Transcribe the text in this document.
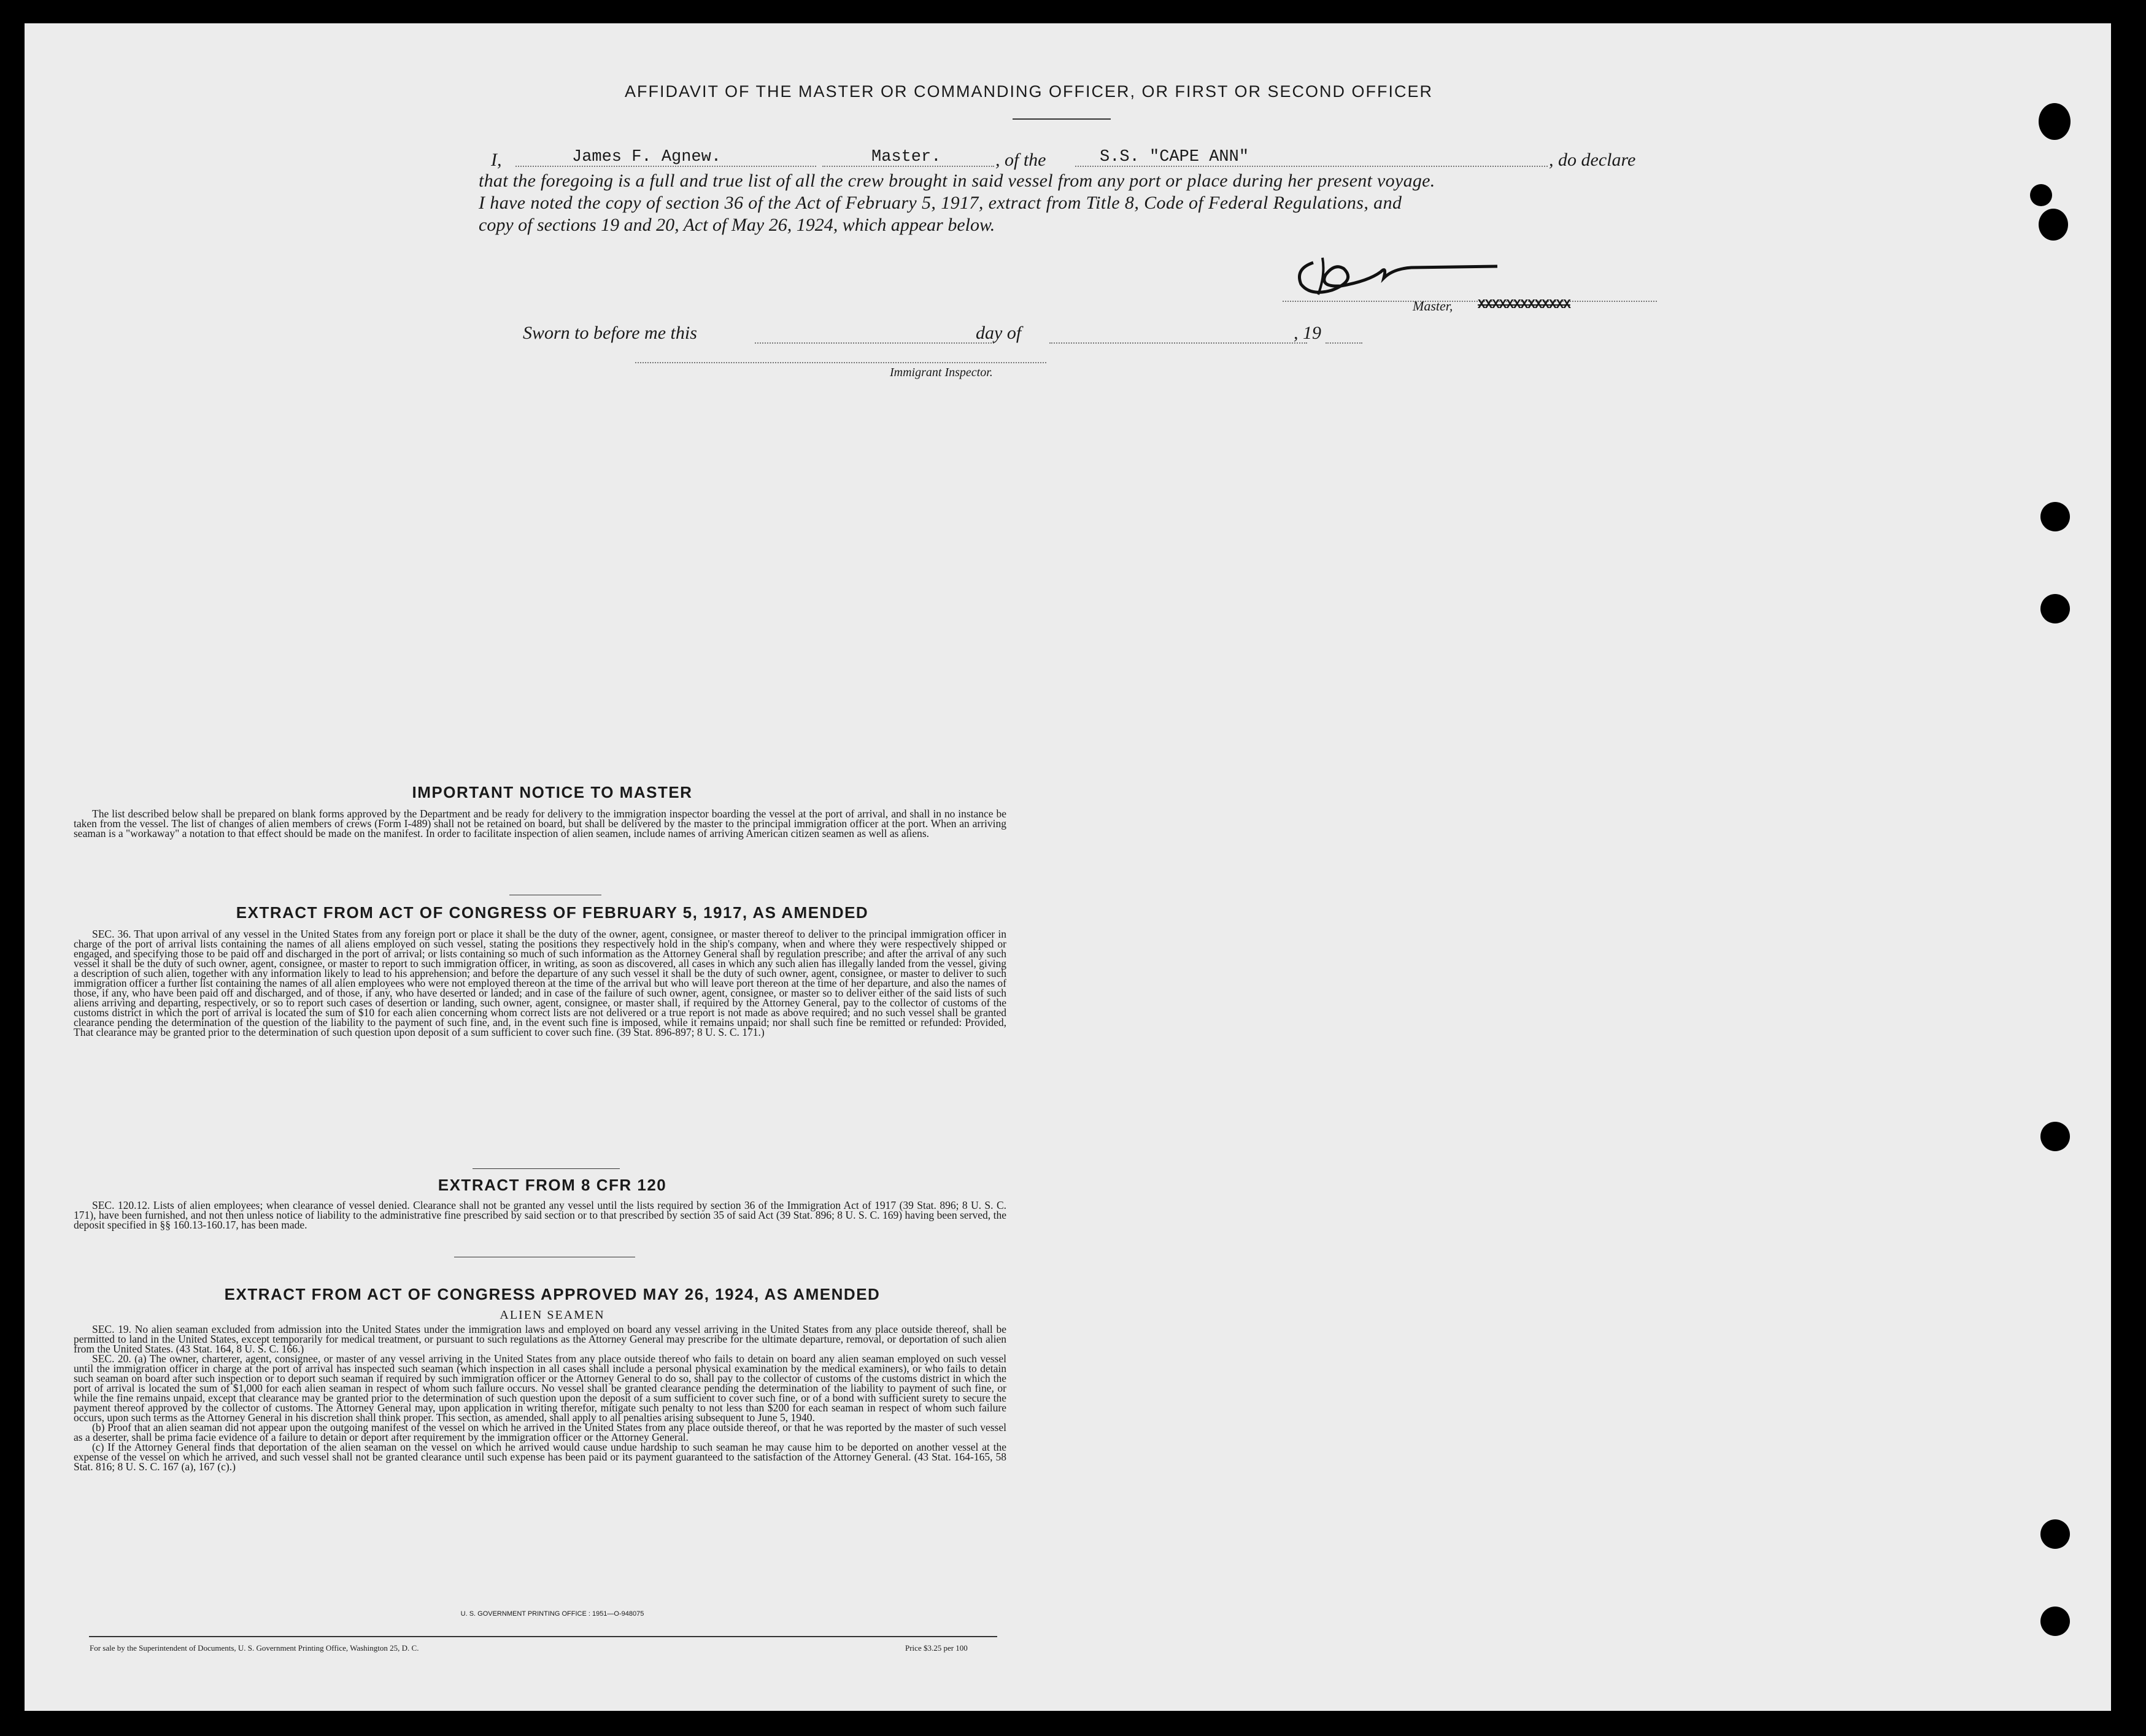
AFFIDAVIT OF THE MASTER OR COMMANDING OFFICER, OR FIRST OR SECOND OFFICER
I,	James F. Agnew.	Master.	, of the	S.S. "CAPE ANN"	, do declare
that the foregoing is a full and true list of all the crew brought in said vessel from any port or place during her present voyage.
I have noted the copy of section 36 of the Act of February 5, 1917, extract from Title 8, Code of Federal Regulations, and
copy of sections 19 and 20, Act of May 26, 1924, which appear below.
Master, XXXXXXXXXXXXX
Sworn to before me this	day of	, 19
Immigrant Inspector.
IMPORTANT NOTICE TO MASTER

The list described below shall be prepared on blank forms approved by the Department and be ready for delivery to the immigration inspector boarding the vessel at the port of arrival, and shall in no instance be taken from the vessel. The list of changes of alien members of crews (Form I-489) shall not be retained on board, but shall be delivered by the master to the principal immigration officer at the port. When an arriving seaman is a "workaway" a notation to that effect should be made on the manifest. In order to facilitate inspection of alien seamen, include names of arriving American citizen seamen as well as aliens.

EXTRACT FROM ACT OF CONGRESS OF FEBRUARY 5, 1917, AS AMENDED

SEC. 36. That upon arrival of any vessel in the United States from any foreign port or place it shall be the duty of the owner, agent, consignee, or master thereof to deliver to the principal immigration officer in charge of the port of arrival lists containing the names of all aliens employed on such vessel, stating the positions they respectively hold in the ship's company, when and where they were respectively shipped or engaged, and specifying those to be paid off and discharged in the port of arrival; or lists containing so much of such information as the Attorney General shall by regulation prescribe; and after the arrival of any such vessel it shall be the duty of such owner, agent, consignee, or master to report to such immigration officer, in writing, as soon as discovered, all cases in which any such alien has illegally landed from the vessel, giving a description of such alien, together with any information likely to lead to his apprehension; and before the departure of any such vessel it shall be the duty of such owner, agent, consignee, or master to deliver to such immigration officer a further list containing the names of all alien employees who were not employed thereon at the time of the arrival but who will leave port thereon at the time of her departure, and also the names of those, if any, who have been paid off and discharged, and of those, if any, who have deserted or landed; and in case of the failure of such owner, agent, consignee, or master so to deliver either of the said lists of such aliens arriving and departing, respectively, or so to report such cases of desertion or landing, such owner, agent, consignee, or master shall, if required by the Attorney General, pay to the collector of customs of the customs district in which the port of arrival is located the sum of $10 for each alien concerning whom correct lists are not delivered or a true report is not made as above required; and no such vessel shall be granted clearance pending the determination of the question of the liability to the payment of such fine, and, in the event such fine is imposed, while it remains unpaid; nor shall such fine be remitted or refunded: Provided, That clearance may be granted prior to the determination of such question upon deposit of a sum sufficient to cover such fine. (39 Stat. 896-897; 8 U. S. C. 171.)

EXTRACT FROM 8 CFR 120

SEC. 120.12. Lists of alien employees; when clearance of vessel denied. Clearance shall not be granted any vessel until the lists required by section 36 of the Immigration Act of 1917 (39 Stat. 896; 8 U. S. C. 171), have been furnished, and not then unless notice of liability to the administrative fine prescribed by said section or to that prescribed by section 35 of said Act (39 Stat. 896; 8 U. S. C. 169) having been served, the deposit specified in §§ 160.13-160.17, has been made.

EXTRACT FROM ACT OF CONGRESS APPROVED MAY 26, 1924, AS AMENDED
ALIEN SEAMEN

SEC. 19. No alien seaman excluded from admission into the United States under the immigration laws and employed on board any vessel arriving in the United States from any place outside thereof, shall be permitted to land in the United States, except temporarily for medical treatment, or pursuant to such regulations as the Attorney General may prescribe for the ultimate departure, removal, or deportation of such alien from the United States. (43 Stat. 164, 8 U. S. C. 166.)

SEC. 20. (a) The owner, charterer, agent, consignee, or master of any vessel arriving in the United States from any place outside thereof who fails to detain on board any alien seaman employed on such vessel until the immigration officer in charge at the port of arrival has inspected such seaman (which inspection in all cases shall include a personal physical examination by the medical examiners), or who fails to detain such seaman on board after such inspection or to deport such seaman if required by such immigration officer or the Attorney General to do so, shall pay to the collector of customs of the customs district in which the port of arrival is located the sum of $1,000 for each alien seaman in respect of whom such failure occurs. No vessel shall be granted clearance pending the determination of the liability to payment of such fine, or while the fine remains unpaid, except that clearance may be granted prior to the determination of such question upon the deposit of a sum sufficient to cover such fine, or of a bond with sufficient surety to secure the payment thereof approved by the collector of customs. The Attorney General may, upon application in writing therefor, mitigate such penalty to not less than $200 for each seaman in respect of whom such failure occurs, upon such terms as the Attorney General in his discretion shall think proper. This section, as amended, shall apply to all penalties arising subsequent to June 5, 1940.

(b) Proof that an alien seaman did not appear upon the outgoing manifest of the vessel on which he arrived in the United States from any place outside thereof, or that he was reported by the master of such vessel as a deserter, shall be prima facie evidence of a failure to detain or deport after requirement by the immigration officer or the Attorney General.

(c) If the Attorney General finds that deportation of the alien seaman on the vessel on which he arrived would cause undue hardship to such seaman he may cause him to be deported on another vessel at the expense of the vessel on which he arrived, and such vessel shall not be granted clearance until such expense has been paid or its payment guaranteed to the satisfaction of the Attorney General. (43 Stat. 164-165, 58 Stat. 816; 8 U. S. C. 167 (a), 167 (c).)

U. S. GOVERNMENT PRINTING OFFICE : 1951—O-948075
For sale by the Superintendent of Documents, U. S. Government Printing Office, Washington 25, D. C.	Price $3.25 per 100
